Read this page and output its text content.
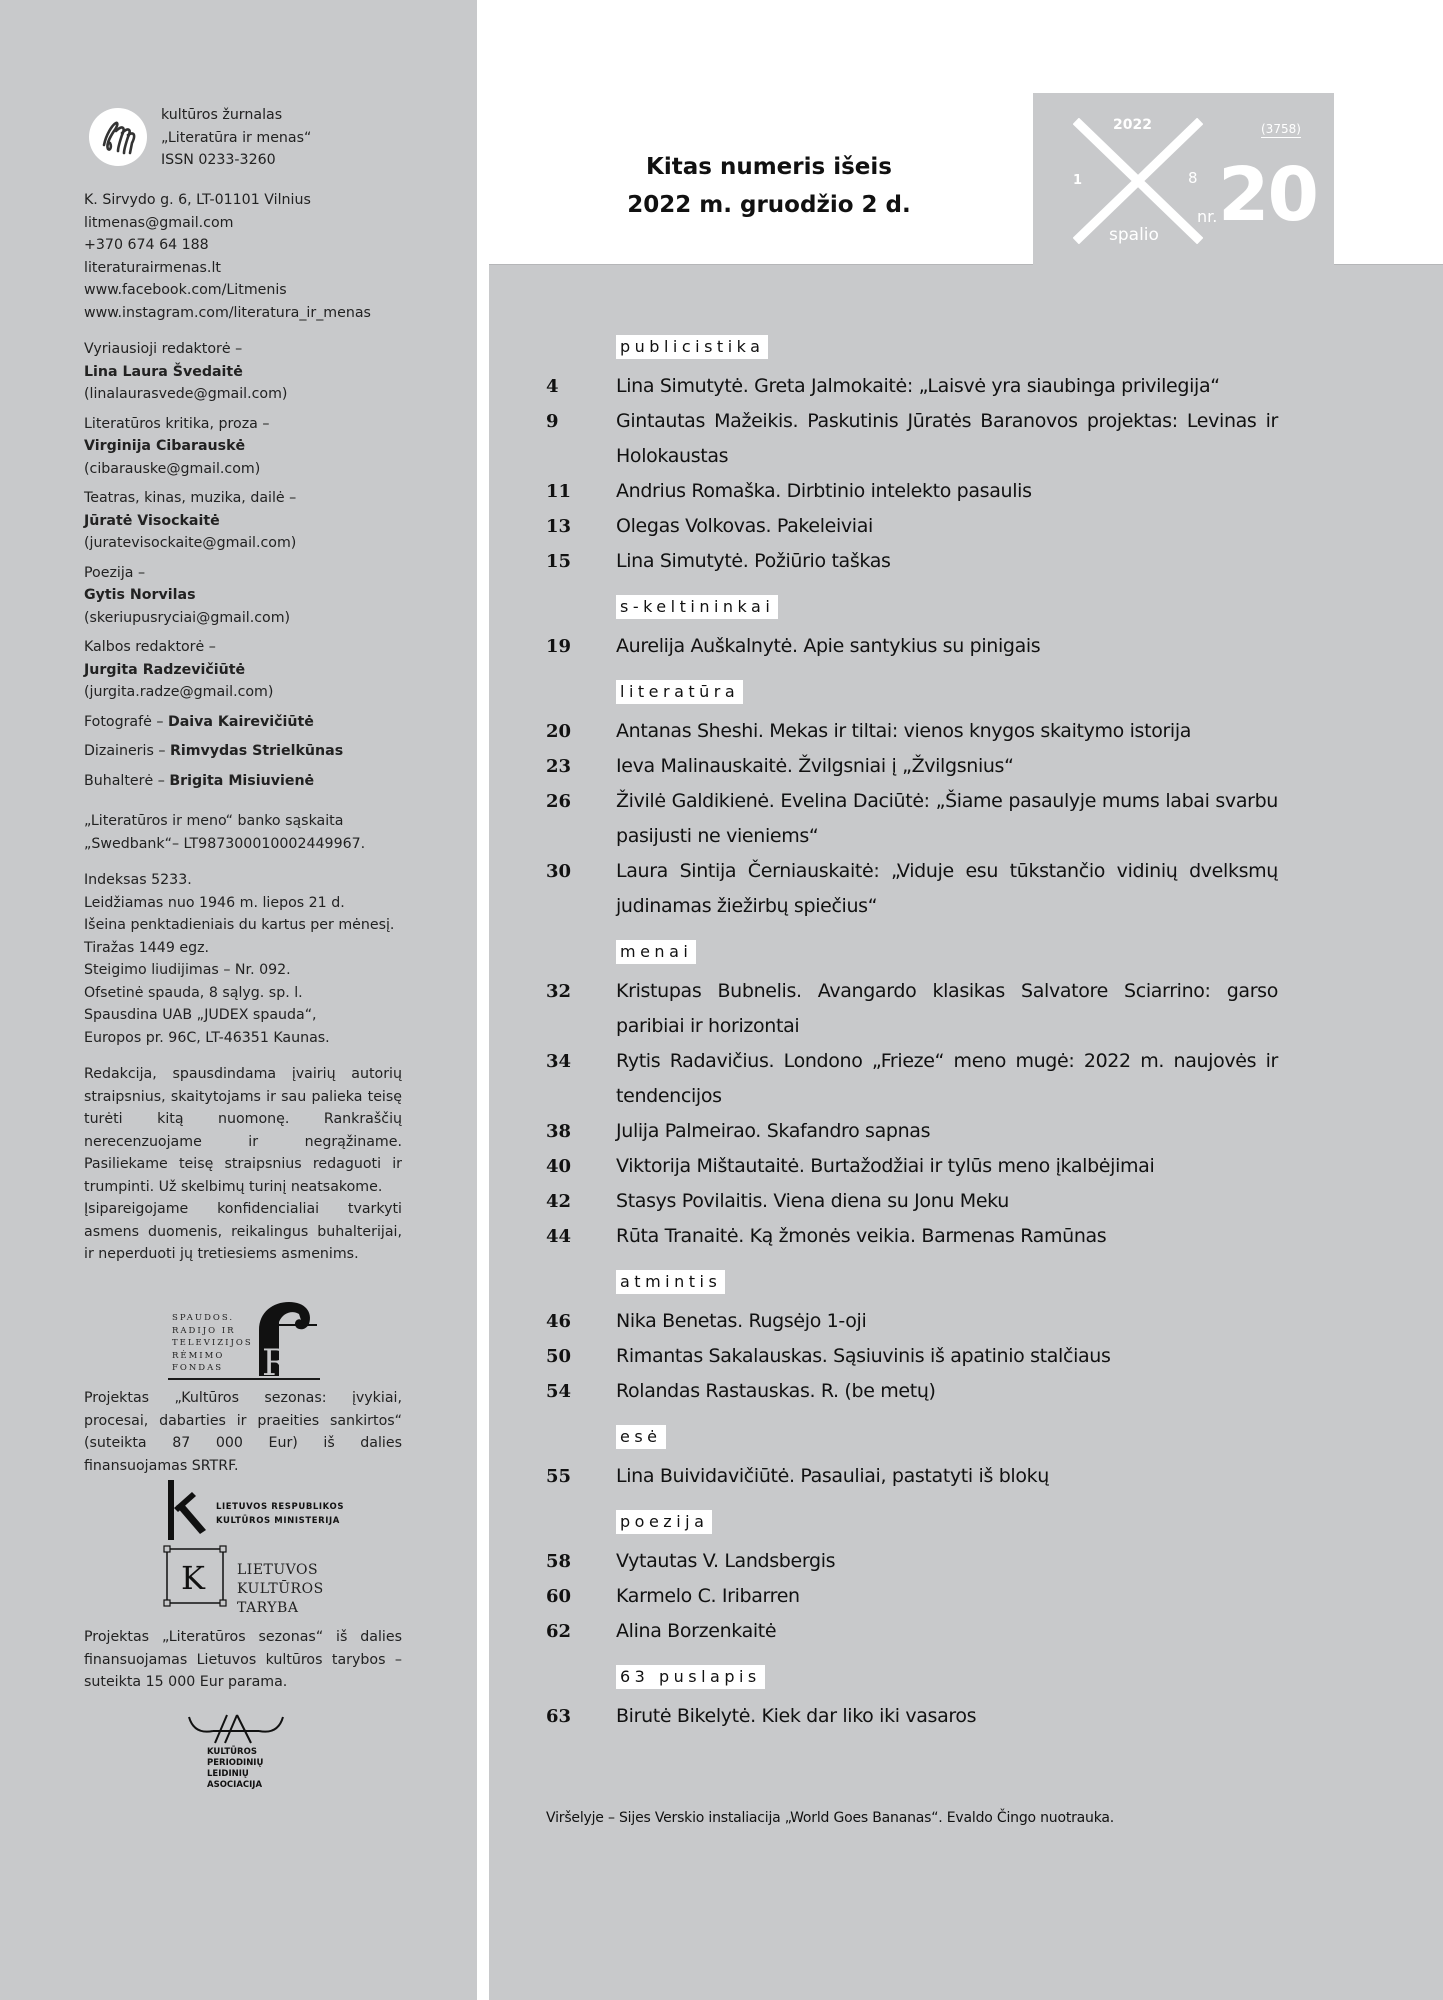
kultūros žurnalas
„Literatūra ir menas“
ISSN 0233-3260
K. Sirvydo g. 6, LT-01101 Vilnius
litmenas@gmail.com
+370 674 64 188
literaturairmenas.lt
www.facebook.com/Litmenis
www.instagram.com/literatura_ir_menas
Vyriausioji redaktorė –
Lina Laura Švedaitė
(linalaurasvede@gmail.com)
Literatūros kritika, proza –
Virginija Cibarauskė
(cibarauske@gmail.com)
Teatras, kinas, muzika, dailė –
Jūratė Visockaitė
(juratevisockaite@gmail.com)
Poezija –
Gytis Norvilas
(skeriupusryciai@gmail.com)
Kalbos redaktorė –
Jurgita Radzevičiūtė
(jurgita.radze@gmail.com)
Fotografė – Daiva Kairevičiūtė
Dizaineris – Rimvydas Strielkūnas
Buhalterė – Brigita Misiuvienė
„Literatūros ir meno“ banko sąskaita
„Swedbank“– LT987300010002449967.
Indeksas 5233.
Leidžiamas nuo 1946 m. liepos 21 d.
Išeina penktadieniais du kartus per mėnesį.
Tiražas 1449 egz.
Steigimo liudijimas – Nr. 092.
Ofsetinė spauda, 8 sąlyg. sp. l.
Spausdina UAB „JUDEX spauda“,
Europos pr. 96C, LT-46351 Kaunas.
Redakcija, spausdindama įvairių autorių straipsnius, skaitytojams ir sau palieka teisę turėti kitą nuomonę. Rankraščių nerecenzuojame ir negrąžiname. Pasiliekame teisę straipsnius redaguoti ir trumpinti. Už skelbimų turinį neatsakome.
Įsipareigojame konfidencialiai tvarkyti asmens duomenis, reikalingus buhalterijai, ir neperduoti jų tretiesiems asmenims.
SPAUDOS.
RADIJO IR
TELEVIZIJOS
RĖMIMO
FONDAS	R
Projektas „Kultūros sezonas: įvykiai, procesai, dabarties ir praeities sankirtos“ (suteikta 87 000 Eur) iš dalies finansuojamas SRTRF.
LIETUVOS RESPUBLIKOS
KULTŪROS MINISTERIJA
K LIETUVOS
KULTŪROS
TARYBA
Projektas „Literatūros sezonas“ iš dalies finansuojamas Lietuvos kultūros tarybos – suteikta 15 000 Eur parama.
KULTŪROS
PERIODINIŲ
LEIDINIŲ
ASOCIACIJA
Kitas numeris išeis
2022 m. gruodžio 2 d.
2022
1	8
spalio
(3758)
nr. 20
publicistika
4	Lina Simutytė. Greta Jalmokaitė: „Laisvė yra siaubinga privilegija“
9	Gintautas Mažeikis. Paskutinis Jūratės Baranovos projektas: Levinas ir Holokaustas
11	Andrius Romaška. Dirbtinio intelekto pasaulis
13	Olegas Volkovas. Pakeleiviai
15	Lina Simutytė. Požiūrio taškas
s-keltininkai
19	Aurelija Auškalnytė. Apie santykius su pinigais
literatūra
20	Antanas Sheshi. Mekas ir tiltai: vienos knygos skaitymo istorija
23	Ieva Malinauskaitė. Žvilgsniai į „Žvilgsnius“
26	Živilė Galdikienė. Evelina Daciūtė: „Šiame pasaulyje mums labai svarbu pasijusti ne vieniems“
30	Laura Sintija Černiauskaitė: „Viduje esu tūkstančio vidinių dvelksmų judinamas žiežirbų spiečius“
menai
32	Kristupas Bubnelis. Avangardo klasikas Salvatore Sciarrino: garso paribiai ir horizontai
34	Rytis Radavičius. Londono „Frieze“ meno mugė: 2022 m. naujovės ir tendencijos
38	Julija Palmeirao. Skafandro sapnas
40	Viktorija Mištautaitė. Burtažodžiai ir tylūs meno įkalbėjimai
42	Stasys Povilaitis. Viena diena su Jonu Meku
44	Rūta Tranaitė. Ką žmonės veikia. Barmenas Ramūnas
atmintis
46	Nika Benetas. Rugsėjo 1-oji
50	Rimantas Sakalauskas. Sąsiuvinis iš apatinio stalčiaus
54	Rolandas Rastauskas. R. (be metų)
esė
55	Lina Buividavičiūtė. Pasauliai, pastatyti iš blokų
poezija
58	Vytautas V. Landsbergis
60	Karmelo C. Iribarren
62	Alina Borzenkaitė
63 puslapis
63	Birutė Bikelytė. Kiek dar liko iki vasaros
Viršelyje – Sijes Verskio instaliacija „World Goes Bananas“. Evaldo Čingo nuotrauka.
